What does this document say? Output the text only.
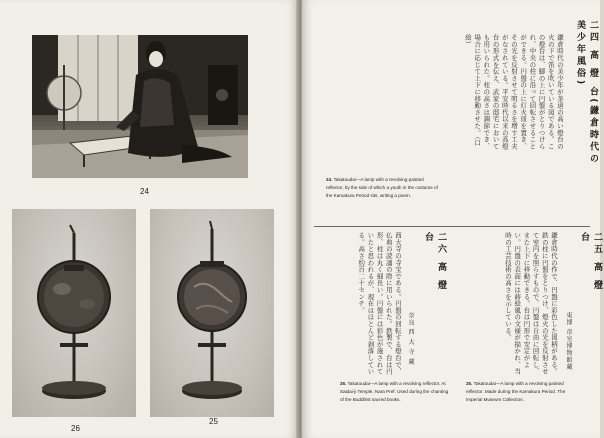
24
26
25
二四 高 燈 台(鎌倉時代の美少年風俗)
鎌倉時代の美少年が茶道の高い燈台の火の下で笛を吹いている図である。この燈台は、脚の上に円盤がとりつけられ、中央の柱に沿って回転させることができる。円盤の上に灯火皿を置き、その光を反射させて明るさを増す工夫がなされている。平安時代以来の高燈台の形式を伝え、武家の邸宅においても用いられた。柱の高さは調節でき、場合に応じて上下に移動させた。（口絵）
24. Takatoudai—A lamp with a revolving painted reflector, by the side of which a youth in the costume of the Kamakura Period sits, writing a poem.
二六 高 燈 台
奈良 西 大 寺 蔵
西大寺の寺宝である。円盤の回転する燈台で、仏典の読誦の際に用いられた。鉄製で、台は円形、柱は丸く細長い。円盤には彩色が施されていたと思われるが、現在はほとんど剥落している。高さ約百二十センチ。
26. Takatoudai—A lamp with a revolving reflector. At Saidai-ji Temple, Nara Pref. Used during the chanting of the Buddhist sacred books.
二五 高 燈 台
東博 帝室博物館蔵
鎌倉時代の作で、円盤に彩色した図柄がある。鉄の柱に円盤をとりつけ、燈火の光を反射させて室内を照らすもので、円盤は自由に回転し、また上下に移動できる。台は円形で安定がよい。円盤の表面には蒔絵風の文様が描かれ、当時の工芸技術の高さを示している。
25. Takatoudai—A lamp with a revolving painted reflector. Made during the Kamakura Period. The Imperial Museum Collection.
